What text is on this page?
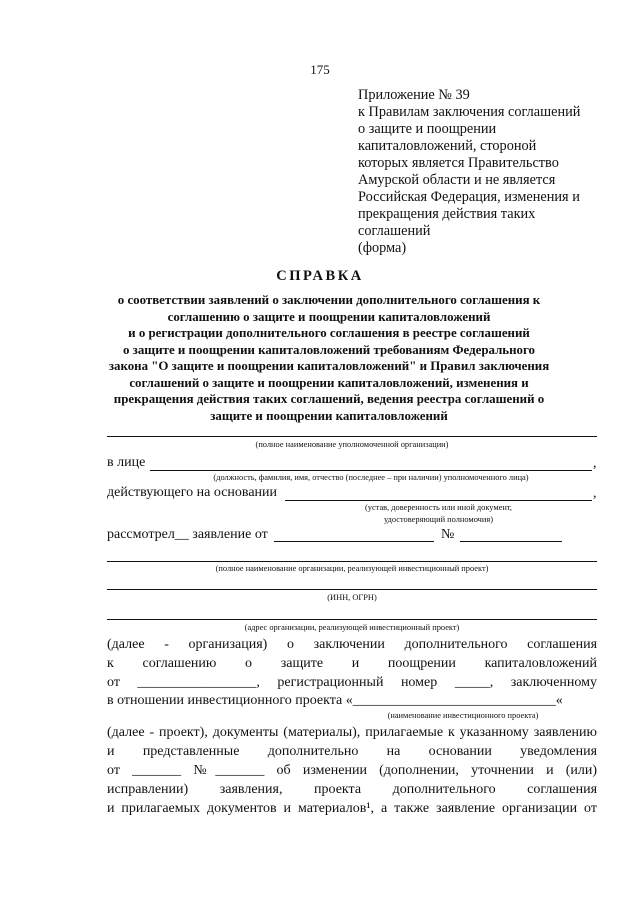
175
Приложение № 39
к Правилам заключения соглашений
о защите и поощрении
капиталовложений, стороной
которых является Правительство
Амурской области и не является
Российская Федерация, изменения и
прекращения действия таких
соглашений
(форма)
СПРАВКА
о соответствии заявлений о заключении дополнительного соглашения к
соглашению о защите и поощрении капиталовложений
и о регистрации дополнительного соглашения в реестре соглашений
о защите и поощрении капиталовложений требованиям Федерального
закона "О защите и поощрении капиталовложений" и Правил заключения
соглашений о защите и поощрении капиталовложений, изменения и
прекращения действия таких соглашений, ведения реестра соглашений о
защите и поощрении капиталовложений
(полное наименование уполномоченной организации)
в лице	,
(должность, фамилия, имя, отчество (последнее – при наличии) уполномоченного лица)
действующего на основании	,
(устав, доверенность или иной документ,
удостоверяющий полномочия)
рассмотрел__ заявление от	№
(полное наименование организации, реализующей инвестиционный проект)
(ИНН, ОГРН)
(адрес организации, реализующей инвестиционный проект)
(далее - организация) о заключении дополнительного соглашения
к соглашению о защите и поощрении капиталовложений
от _________________, регистрационный номер _____, заключенному
в отношении инвестиционного проекта «_____________________________«
(наименование инвестиционного проекта)
(далее - проект), документы (материалы), прилагаемые к указанному заявлению
и представленные дополнительно на основании уведомления
от _______ №_______ об изменении (дополнении, уточнении и (или)
исправлении) заявления, проекта дополнительного соглашения
и прилагаемых документов и материалов¹, а также заявление организации от
